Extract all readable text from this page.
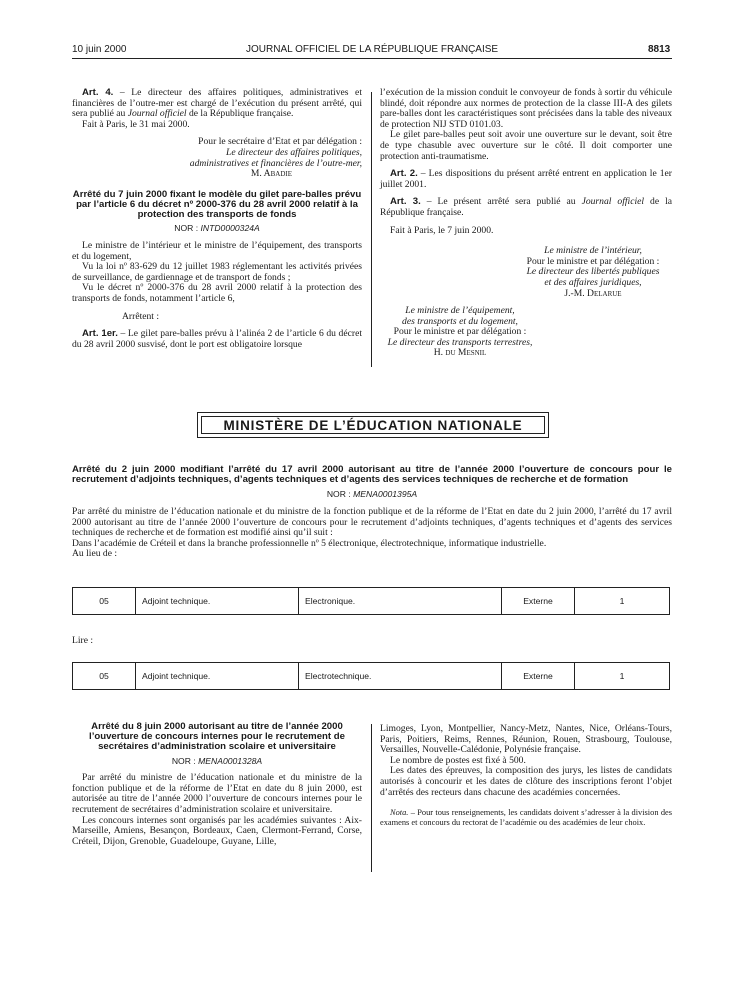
10 juin 2000	JOURNAL OFFICIEL DE LA RÉPUBLIQUE FRANÇAISE	8813

Art. 4. – Le directeur des affaires politiques, administratives et financières de l’outre-mer est chargé de l’exécution du présent arrêté, qui sera publié au Journal officiel de la République française.

Fait à Paris, le 31 mai 2000.

Pour le secrétaire d’Etat et par délégation :

Le directeur des affaires politiques,

administratives et financières de l’outre-mer,

M. Abadie

Arrêté du 7 juin 2000 fixant le modèle du gilet pare-balles prévu par l’article 6 du décret nº 2000-376 du 28 avril 2000 relatif à la protection des transports de fonds

NOR : INTD0000324A

Le ministre de l’intérieur et le ministre de l’équipement, des transports et du logement,

Vu la loi nº 83-629 du 12 juillet 1983 réglementant les activités privées de surveillance, de gardiennage et de transport de fonds ;

Vu le décret nº 2000-376 du 28 avril 2000 relatif à la protection des transports de fonds, notamment l’article 6,

Arrêtent :

Art. 1er. – Le gilet pare-balles prévu à l’alinéa 2 de l’article 6 du décret du 28 avril 2000 susvisé, dont le port est obligatoire lorsque

l’exécution de la mission conduit le convoyeur de fonds à sortir du véhicule blindé, doit répondre aux normes de protection de la classe III-A des gilets pare-balles dont les caractéristiques sont précisées dans la table des niveaux de protection NIJ STD 0101.03.

Le gilet pare-balles peut soit avoir une ouverture sur le devant, soit être de type chasuble avec ouverture sur le côté. Il doit comporter une protection anti-traumatisme.

Art. 2. – Les dispositions du présent arrêté entrent en application le 1er juillet 2001.

Art. 3. – Le présent arrêté sera publié au Journal officiel de la République française.

Fait à Paris, le 7 juin 2000.

Le ministre de l’intérieur,

Pour le ministre et par délégation :

Le directeur des libertés publiques

et des affaires juridiques,

J.-M. Delarue

Le ministre de l’équipement,

des transports et du logement,

Pour le ministre et par délégation :

Le directeur des transports terrestres,

H. du Mesnil

MINISTÈRE DE L’ÉDUCATION NATIONALE

Arrêté du 2 juin 2000 modifiant l’arrêté du 17 avril 2000 autorisant au titre de l’année 2000 l’ouverture de concours pour le recrutement d’adjoints techniques, d’agents techniques et d’agents des services techniques de recherche et de formation

NOR : MENA0001395A

Par arrêté du ministre de l’éducation nationale et du ministre de la fonction publique et de la réforme de l’Etat en date du 2 juin 2000, l’arrêté du 17 avril 2000 autorisant au titre de l’année 2000 l’ouverture de concours pour le recrutement d’adjoints techniques, d’agents techniques et d’agents des services techniques de recherche et de formation est modifié ainsi qu’il suit :

Dans l’académie de Créteil et dans la branche professionnelle nº 5 électronique, électrotechnique, informatique industrielle.

Au lieu de :

05	Adjoint technique.	Electronique.	Externe	1

Lire :

05	Adjoint technique.	Electrotechnique.	Externe	1

Arrêté du 8 juin 2000 autorisant au titre de l’année 2000 l’ouverture de concours internes pour le recrutement de secrétaires d’administration scolaire et universitaire

NOR : MENA0001328A

Par arrêté du ministre de l’éducation nationale et du ministre de la fonction publique et de la réforme de l’Etat en date du 8 juin 2000, est autorisée au titre de l’année 2000 l’ouverture de concours internes pour le recrutement de secrétaires d’administration scolaire et universitaire.

Les concours internes sont organisés par les académies suivantes : Aix-Marseille, Amiens, Besançon, Bordeaux, Caen, Clermont-Ferrand, Corse, Créteil, Dijon, Grenoble, Guadeloupe, Guyane, Lille,

Limoges, Lyon, Montpellier, Nancy-Metz, Nantes, Nice, Orléans-Tours, Paris, Poitiers, Reims, Rennes, Réunion, Rouen, Strasbourg, Toulouse, Versailles, Nouvelle-Calédonie, Polynésie française.

Le nombre de postes est fixé à 500.

Les dates des épreuves, la composition des jurys, les listes de candidats autorisés à concourir et les dates de clôture des inscriptions feront l’objet d’arrêtés des recteurs dans chacune des académies concernées.

Nota. – Pour tous renseignements, les candidats doivent s’adresser à la division des examens et concours du rectorat de l’académie ou des académies de leur choix.
